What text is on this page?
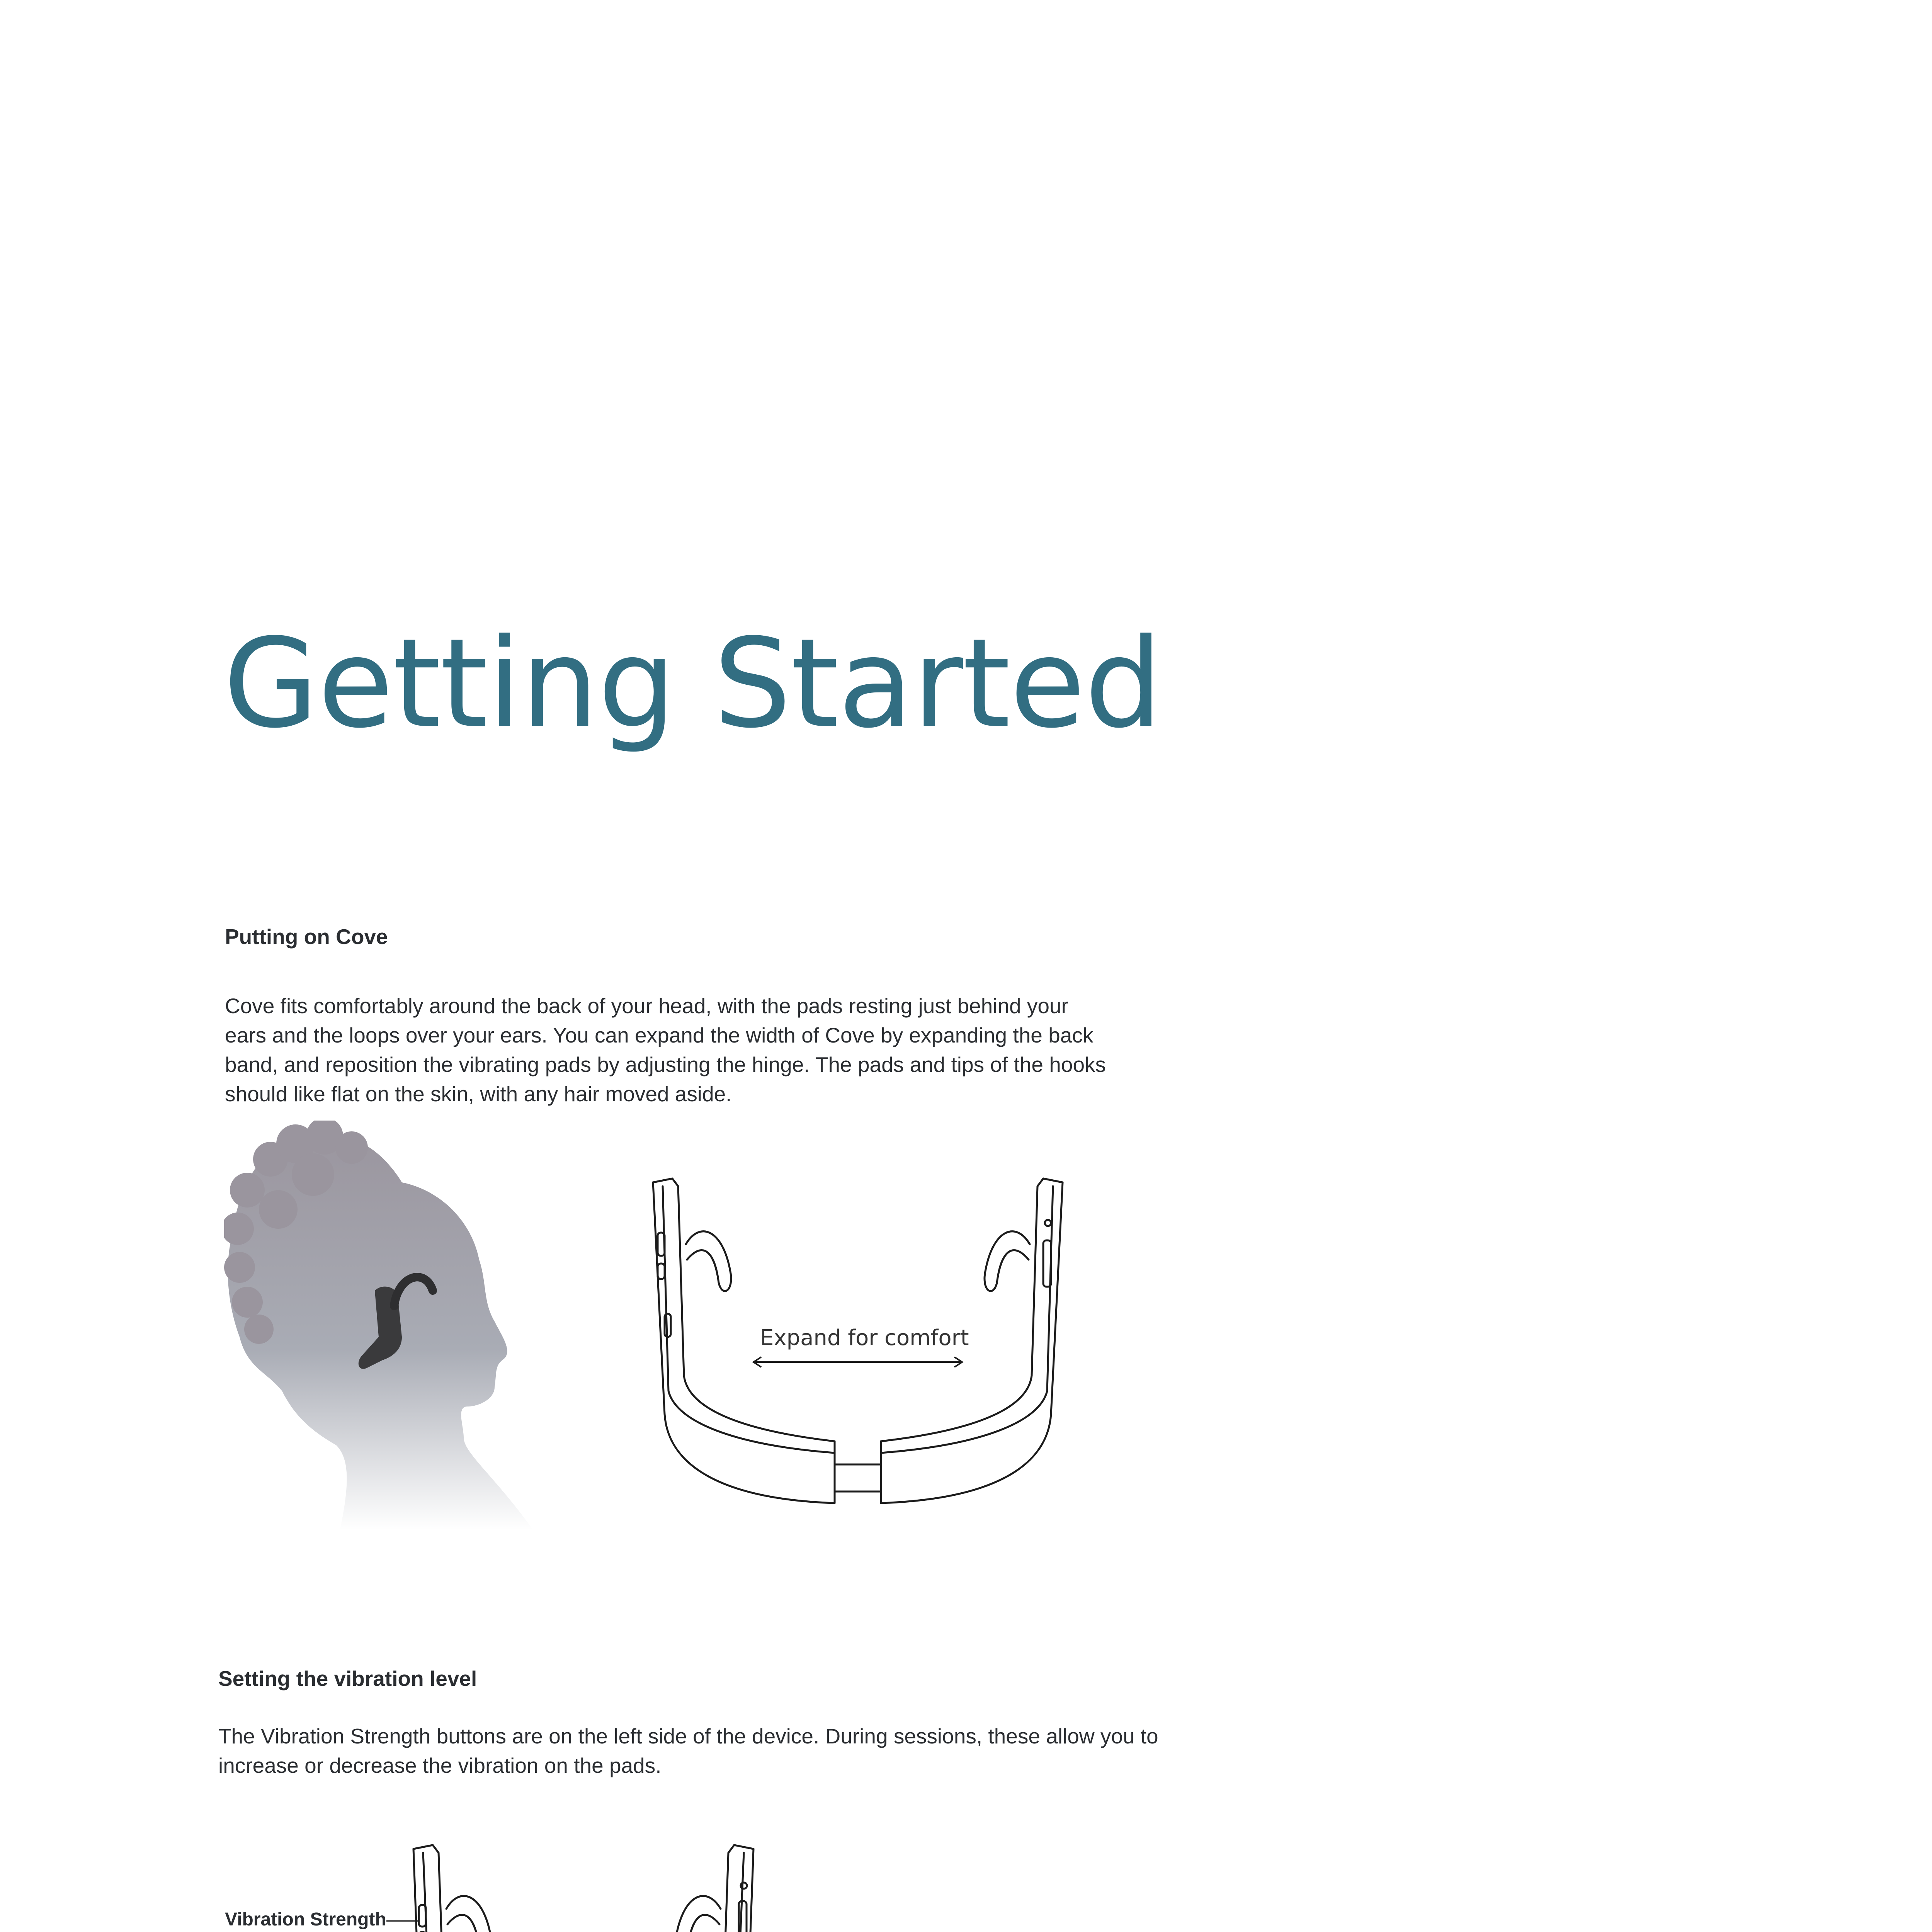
Getting Started
Putting on Cove

Cove fits comfortably around the back of your head, with the pads resting just behind your ears and the loops over your ears. You can expand the width of Cove by expanding the back band, and reposition the vibrating pads by adjusting the hinge. The pads and tips of the hooks should like flat on the skin, with any hair moved aside.

Expand for comfort
Setting the vibration level

The Vibration Strength buttons are on the left side of the device. During sessions, these allow you to increase or decrease the vibration on the pads.

Vibration Strength
